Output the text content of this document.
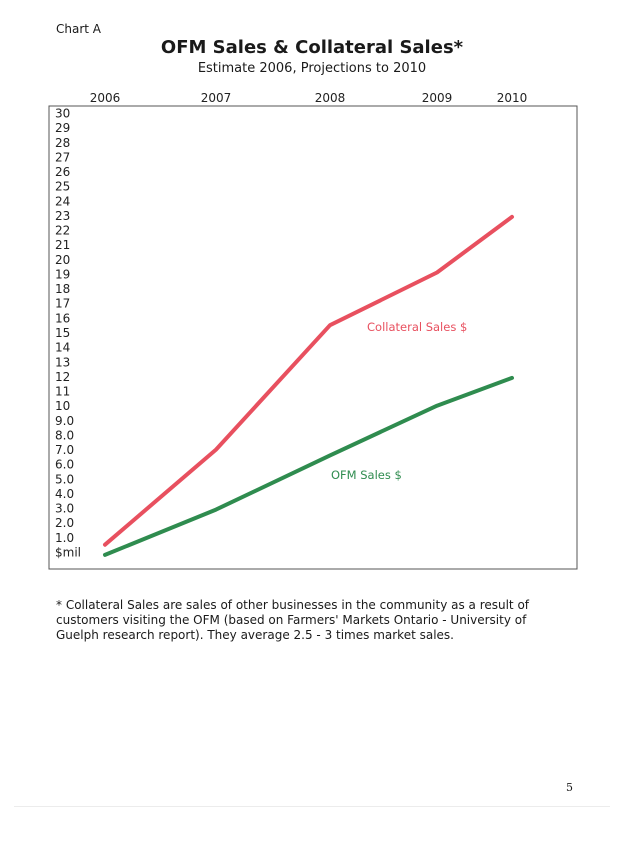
Chart A
OFM Sales & Collateral Sales*
Estimate 2006, Projections to 2010
2006	2007	2008	2009	2010
$mil
1.0
2.0
3.0
4.0
5.0
6.0
7.0
8.0
9.0
10
11
12
13
14
15
16
17
18
19
20
21
22
23
24
25
26
27
28
29
30
Collateral Sales $
OFM Sales $
* Collateral Sales are sales of other businesses in the community as a result of customers visiting the OFM (based on Farmers' Markets Ontario - University of Guelph research report). They average 2.5 - 3 times market sales.
5
